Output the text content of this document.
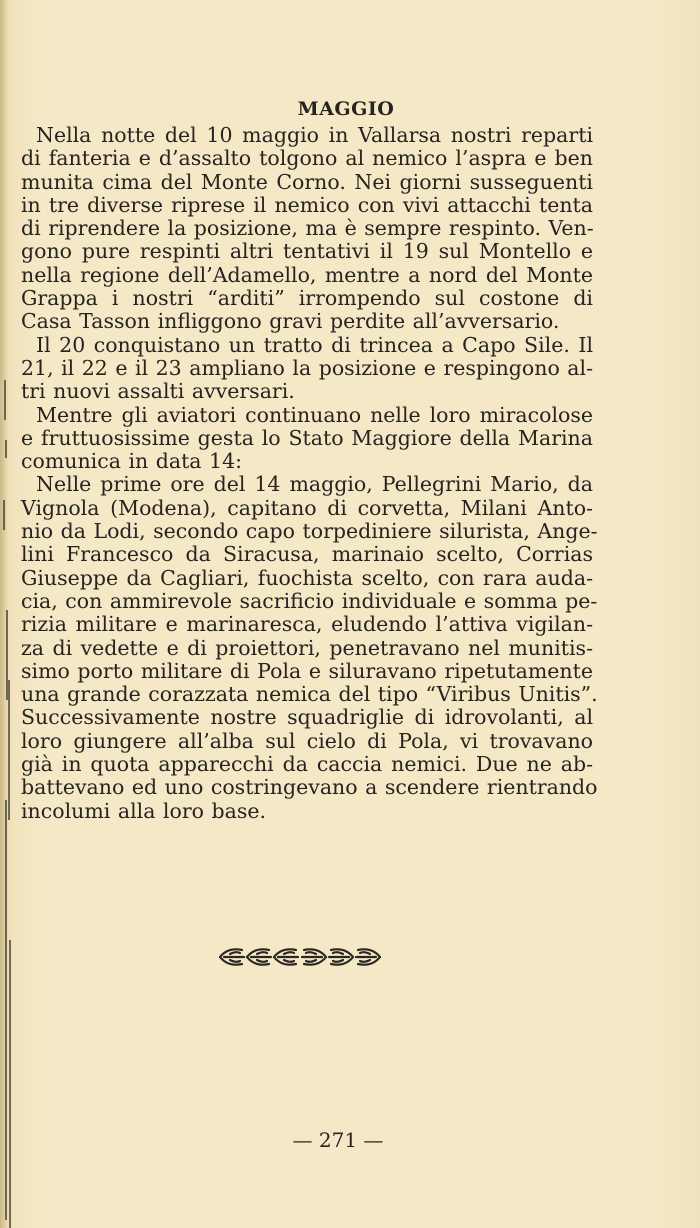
MAGGIO
Nella notte del 10 maggio in Vallarsa nostri reparti
di fanteria e d’assalto tolgono al nemico l’aspra e ben
munita cima del Monte Corno. Nei giorni susseguenti
in tre diverse riprese il nemico con vivi attacchi tenta
di riprendere la posizione, ma è sempre respinto. Ven-
gono pure respinti altri tentativi il 19 sul Montello e
nella regione dell’Adamello, mentre a nord del Monte
Grappa i nostri “arditi” irrompendo sul costone di
Casa Tasson infliggono gravi perdite all’avversario.
Il 20 conquistano un tratto di trincea a Capo Sile. Il
21, il 22 e il 23 ampliano la posizione e respingono al-
tri nuovi assalti avversari.
Mentre gli aviatori continuano nelle loro miracolose
e fruttuosissime gesta lo Stato Maggiore della Marina
comunica in data 14:
Nelle prime ore del 14 maggio, Pellegrini Mario, da
Vignola (Modena), capitano di corvetta, Milani Anto-
nio da Lodi, secondo capo torpediniere silurista, Ange-
lini Francesco da Siracusa, marinaio scelto, Corrias
Giuseppe da Cagliari, fuochista scelto, con rara auda-
cia, con ammirevole sacrificio individuale e somma pe-
rizia militare e marinaresca, eludendo l’attiva vigilan-
za di vedette e di proiettori, penetravano nel munitis-
simo porto militare di Pola e siluravano ripetutamente
una grande corazzata nemica del tipo “Viribus Unitis”.
Successivamente nostre squadriglie di idrovolanti, al
loro giungere all’alba sul cielo di Pola, vi trovavano
già in quota apparecchi da caccia nemici. Due ne ab-
battevano ed uno costringevano a scendere rientrando
incolumi alla loro base.
— 271 —
